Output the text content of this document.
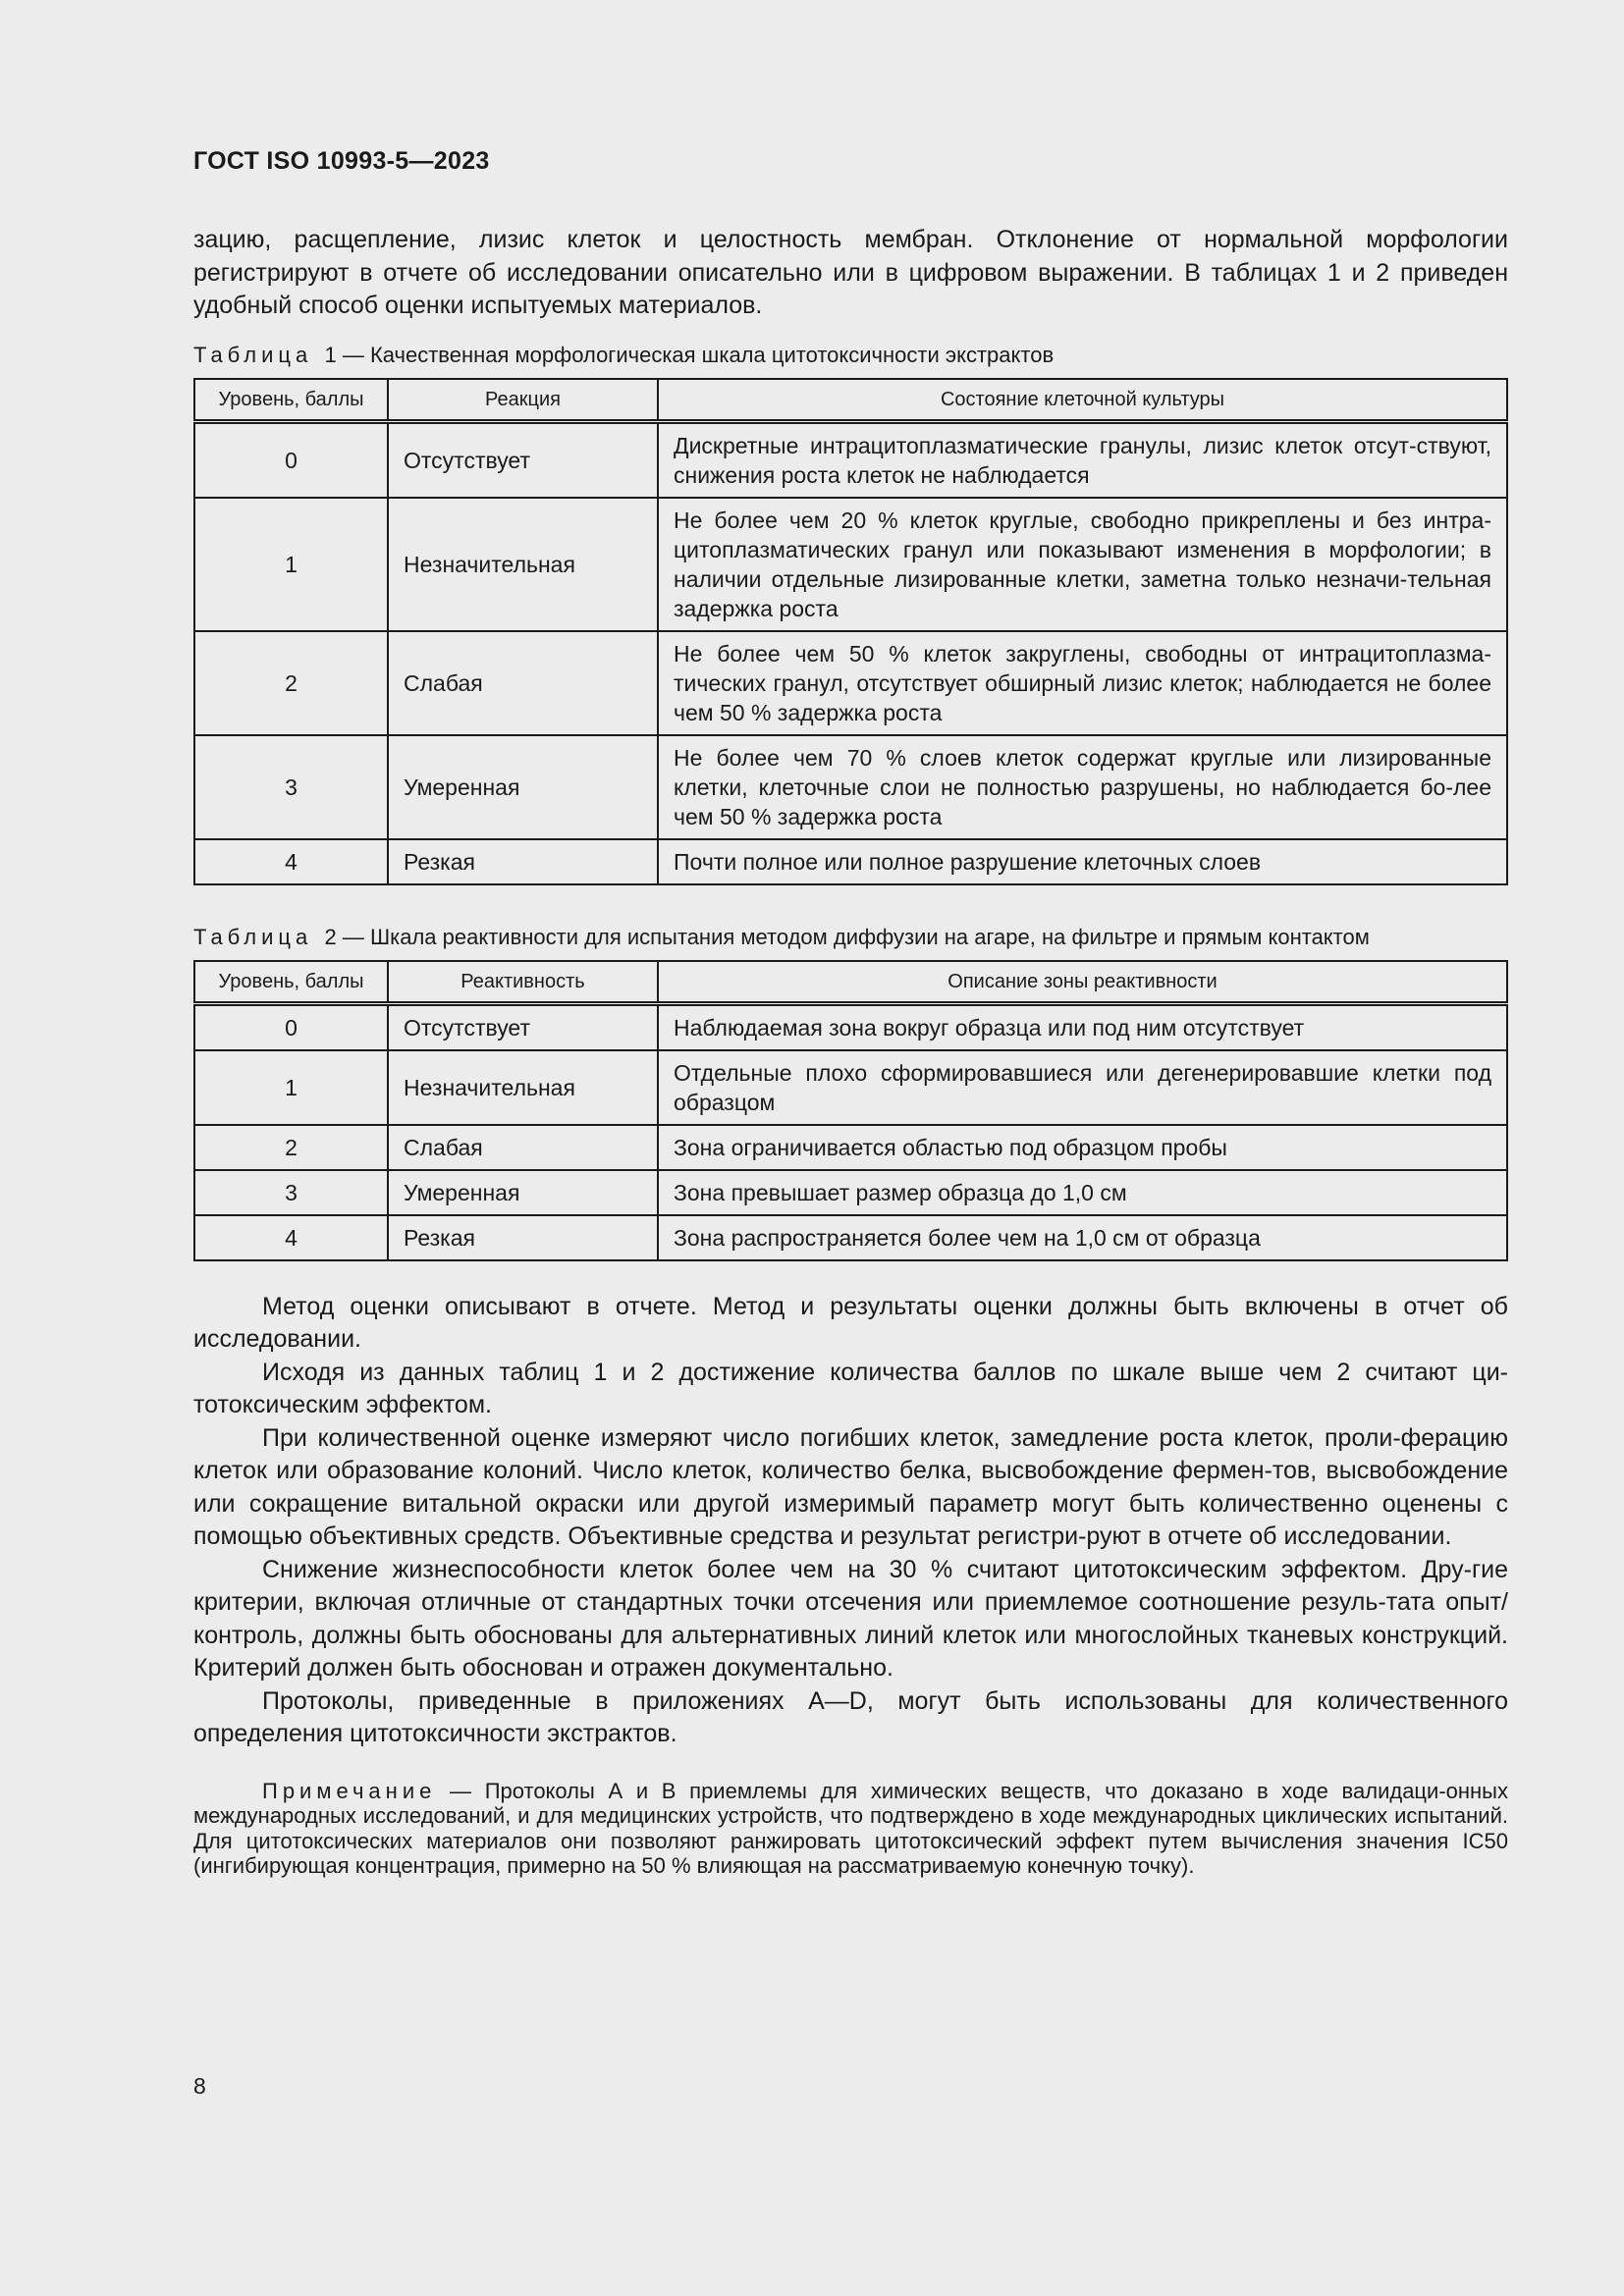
ГОСТ ISO 10993-5—2023

зацию, расщепление, лизис клеток и целостность мембран. Отклонение от нормальной морфологии регистрируют в отчете об исследовании описательно или в цифровом выражении. В таблицах 1 и 2 приведен удобный способ оценки испытуемых материалов.

Таблица 1 — Качественная морфологическая шкала цитотоксичности экстрактов
Уровень, баллы	Реакция	Состояние клеточной культуры
0	Отсутствует	Дискретные интрацитоплазматические гранулы, лизис клеток отсут-ствуют, снижения роста клеток не наблюдается
1	Незначительная	Не более чем 20 % клеток круглые, свободно прикреплены и без интра-цитоплазматических гранул или показывают изменения в морфологии; в наличии отдельные лизированные клетки, заметна только незначи-тельная задержка роста
2	Слабая	Не более чем 50 % клеток закруглены, свободны от интрацитоплазма-тических гранул, отсутствует обширный лизис клеток; наблюдается не более чем 50 % задержка роста
3	Умеренная	Не более чем 70 % слоев клеток содержат круглые или лизированные клетки, клеточные слои не полностью разрушены, но наблюдается бо-лее чем 50 % задержка роста
4	Резкая	Почти полное или полное разрушение клеточных слоев
Таблица 2 — Шкала реактивности для испытания методом диффузии на агаре, на фильтре и прямым контактом
Уровень, баллы	Реактивность	Описание зоны реактивности
0	Отсутствует	Наблюдаемая зона вокруг образца или под ним отсутствует
1	Незначительная	Отдельные плохо сформировавшиеся или дегенерировавшие клетки под образцом
2	Слабая	Зона ограничивается областью под образцом пробы
3	Умеренная	Зона превышает размер образца до 1,0 см
4	Резкая	Зона распространяется более чем на 1,0 см от образца

Метод оценки описывают в отчете. Метод и результаты оценки должны быть включены в отчет об исследовании.

Исходя из данных таблиц 1 и 2 достижение количества баллов по шкале выше чем 2 считают ци-тотоксическим эффектом.

При количественной оценке измеряют число погибших клеток, замедление роста клеток, проли-ферацию клеток или образование колоний. Число клеток, количество белка, высвобождение фермен-тов, высвобождение или сокращение витальной окраски или другой измеримый параметр могут быть количественно оценены с помощью объективных средств. Объективные средства и результат регистри-руют в отчете об исследовании.

Снижение жизнеспособности клеток более чем на 30 % считают цитотоксическим эффектом. Дру-гие критерии, включая отличные от стандартных точки отсечения или приемлемое соотношение резуль-тата опыт/контроль, должны быть обоснованы для альтернативных линий клеток или многослойных тканевых конструкций. Критерий должен быть обоснован и отражен документально.

Протоколы, приведенные в приложениях А—D, могут быть использованы для количественного определения цитотоксичности экстрактов.

Примечание — Протоколы А и В приемлемы для химических веществ, что доказано в ходе валидаци-онных международных исследований, и для медицинских устройств, что подтверждено в ходе международных циклических испытаний. Для цитотоксических материалов они позволяют ранжировать цитотоксический эффект путем вычисления значения IC50 (ингибирующая концентрация, примерно на 50 % влияющая на рассматриваемую конечную точку).

8
